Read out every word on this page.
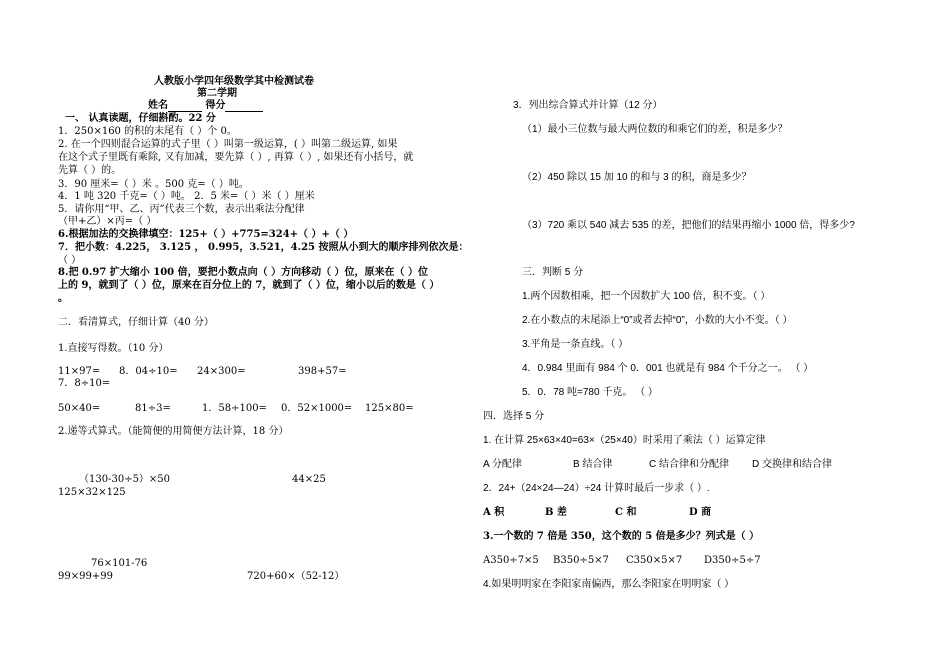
人教版小学四年级数学其中检测试卷
第二学期
姓名	得分
一、 认真读题，仔细斟酌。22 分
1．250×160 的积的末尾有（ ）个 0。
2. 在一个四则混合运算的式子里（ ）叫第一级运算，( ）叫第二级运算, 如果
在这个式子里既有乘除, 又有加减，要先算（ ）, 再算（ ）, 如果还有小括号，就
先算（ ）的。
3．90 厘米=（ ）米 。500 克=（ ）吨。
4．1 吨 320 千克=（ ）吨。 2．5 米=（ ）米（ ）厘米
5．请你用“甲、乙、丙”代表三个数，表示出乘法分配律
（甲+乙）×丙=（ ）
6.根据加法的交换律填空：125+（ ）+775=324+（ ）+（ ）
7．把小数：4.225， 3.125 ， 0.995，3.521，4.25 按照从小到大的顺序排列依次是：
（ ）
8.把 0.97 扩大缩小 100 倍，要把小数点向（ ）方向移动（ ）位，原来在（ ）位
上的 9，就到了（ ）位，原来在百分位上的 7，就到了（ ）位，缩小以后的数是（ ）
。
二．看清算式，仔细计算（40 分）
1.直接写得数。（10 分）
11×97= 8．04÷10= 24×300=	398+57=
7．8÷10=
50×40=	81÷3=	1．58÷100= 0．52×1000= 125×80=
2.递等式算式。（能简便的用简便方法计算，18 分）
（130-30÷5）×50	44×25
125×32×125
76×101-76
99×99+99	720+60×（52-12）
3．列出综合算式并计算（12 分）
（1）最小三位数与最大两位数的和乘它们的差，积是多少？
（2）450 除以 15 加 10 的和与 3 的积，商是多少？
（3）720 乘以 540 减去 535 的差，把他们的结果再缩小 1000 倍，得多少?
三．判断 5 分
1.两个因数相乘，把一个因数扩大 100 倍，积不变。（ ）
2.在小数点的末尾添上“0”或者去掉“0”，小数的大小不变。（ ）
3.平角是一条直线。（ ）
4．0.984 里面有 984 个 0．001 也就是有 984 个千分之一。 （ ）
5．0．78 吨=780 千克。 （ ）
四．选择 5 分
1. 在计算 25×63×40=63×（25×40）时采用了乘法（ ）运算定律
A 分配律	B 结合律	C 结合律和分配律 D 交换律和结合律
2．24+（24×24—24）÷24 计算时最后一步求（ ）.
A 积	B 差	C 和	D 商
3.一个数的 7 倍是 350，这个数的 5 倍是多少？列式是（ ）
A350÷7×5 B350÷5×7 C350×5×7 D350÷5÷7
4.如果明明家在李阳家南偏西，那么李阳家在明明家（ ）
